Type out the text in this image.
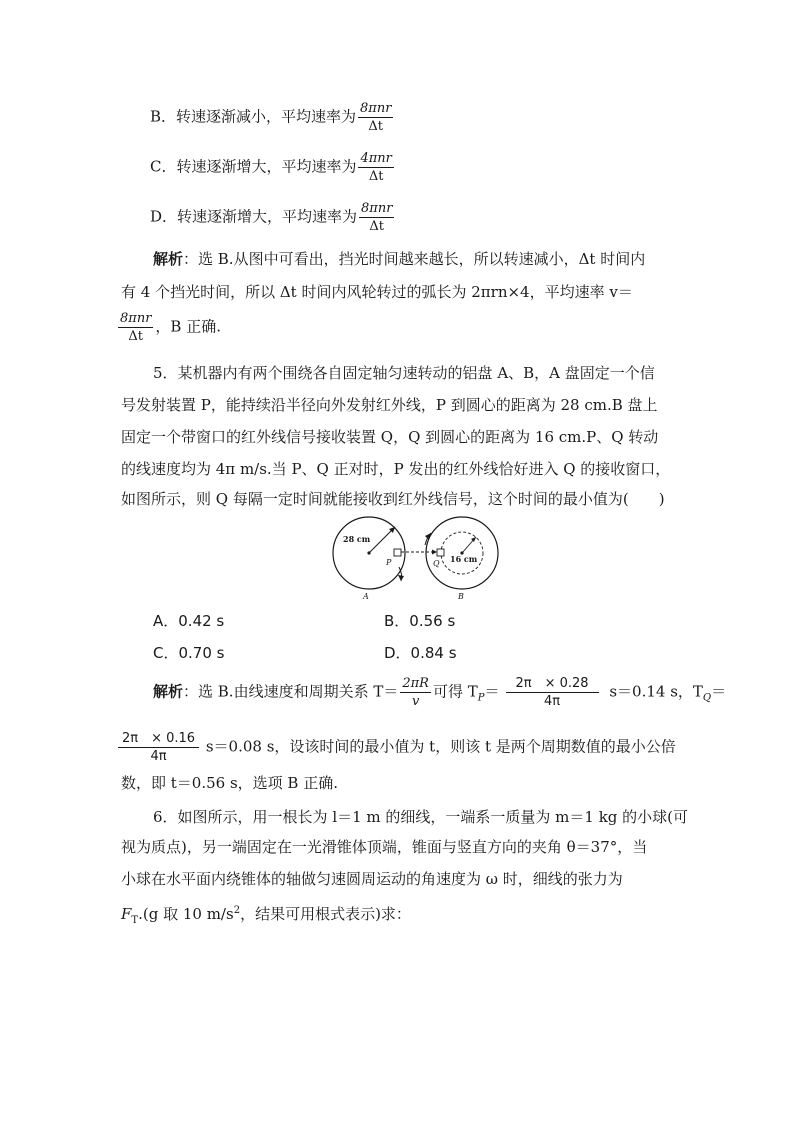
B．转速逐渐减小，平均速率为 $\frac{\text{8πnr}}{\Delta t}$
C．转速逐渐增大，平均速率为 $\frac{\text{4πnr}}{\Delta t}$
D．转速逐渐增大，平均速率为 $\frac{\text{8πnr}}{\Delta t}$
解析：选 B.从图中可看出，挡光时间越来越长，所以转速减小，Δt 时间内
有 4 个挡光时间，所以 Δt 时间内风轮转过的弧长为 2πrn×4，平均速率 v＝
$\frac{\text{8πnr}}{\Delta t}$ ，B 正确.
5．某机器内有两个围绕各自固定轴匀速转动的铝盘 A、B，A 盘固定一个信
号发射装置 P，能持续沿半径向外发射红外线，P 到圆心的距离为 28 cm.B 盘上
固定一个带窗口的红外线信号接收装置 Q，Q 到圆心的距离为 16 cm.P、Q 转动
的线速度均为 4π m/s.当 P、Q 正对时，P 发出的红外线恰好进入 Q 的接收窗口，
如图所示，则 Q 每隔一定时间就能接收到红外线信号，这个时间的最小值为(　　)
28 cm
P	16 cm
Q
A	B
A．0.42 s	B．0.56 s
C．0.70 s	D．0.84 s
解析：选 B.由线速度和周期关系 $T= \frac{2\pi R}{v}$ 可得 $T_P= \frac{2\pi \times 0.28}{4\pi} s=0.14$ s，$T_Q=$
$\frac{2\pi \times 0.16}{4\pi} s=0.08$ s，设该时间的最小值为 t，则该 t 是两个周期数值的最小公倍
数，即 t＝0.56 s，选项 B 正确.
6．如图所示，用一根长为 l＝1 m 的细线，一端系一质量为 m＝1 kg 的小球(可
视为质点)，另一端固定在一光滑锥体顶端，锥面与竖直方向的夹角 θ＝37°，当
小球在水平面内绕锥体的轴做匀速圆周运动的角速度为 ω 时，细线的张力为
$F_T.(g$ 取 10 $m/s^2$，结果可用根式表示)求：
